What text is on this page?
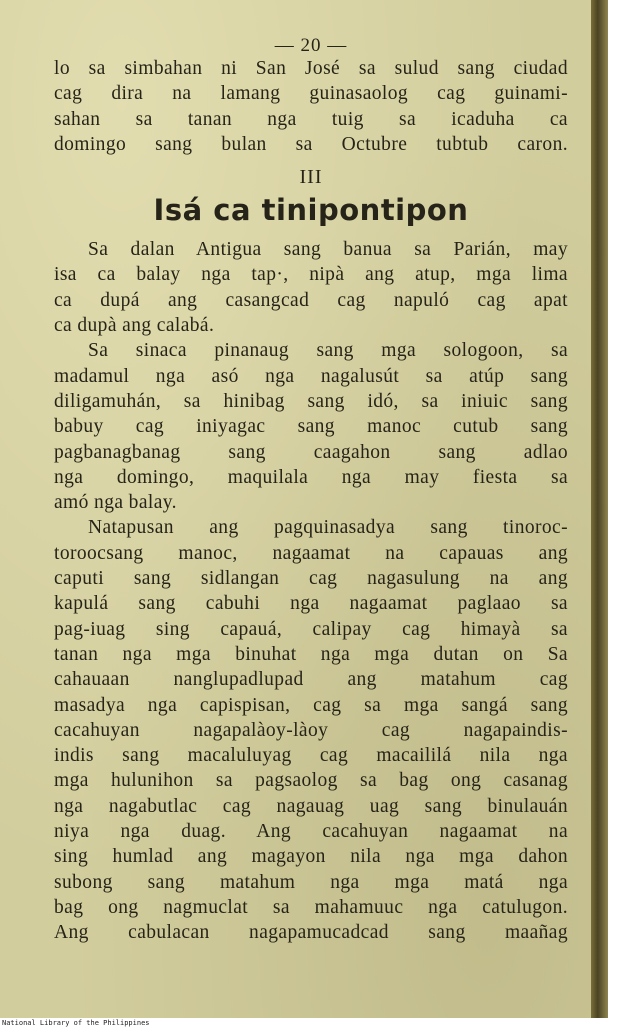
— 20 —
lo sa simbahan ni San José sa sulud sang ciudad
cag dira na lamang guinasaolog cag guinami-
sahan sa tanan nga tuig sa icaduha ca
domingo sang bulan sa Octubre tubtub caron.
III
Isá ca tinipontipon
Sa dalan Antigua sang banua sa Parián, may
isa ca balay nga tap·, nipà ang atup, mga lima
ca dupá ang casangcad cag napuló cag apat
ca dupà ang calabá.
Sa sinaca pinanaug sang mga sologoon, sa
madamul nga asó nga nagalusút sa atúp sang
diligamuhán, sa hinibag sang idó, sa iniuic sang
babuy cag iniyagac sang manoc cutub sang
pagbanagbanag sang caagahon sang adlao
nga domingo, maquilala nga may fiesta sa
amó nga balay.
Natapusan ang pagquinasadya sang tinoroc-
toroocsang manoc, nagaamat na capauas ang
caputi sang sidlangan cag nagasulung na ang
kapulá sang cabuhi nga nagaamat paglaao sa
pag-iuag sing capauá, calipay cag himayà sa
tanan nga mga binuhat nga mga dutan on Sa
cahauaan nanglupadlupad ang matahum cag
masadya nga capispisan, cag sa mga sangá sang
cacahuyan nagapalàoy-làoy cag nagapaindis-
indis sang macaluluyag cag macaililá nila nga
mga hulunihon sa pagsaolog sa bag ong casanag
nga nagabutlac cag nagauag uag sang binulauán
niya nga duag. Ang cacahuyan nagaamat na
sing humlad ang magayon nila nga mga dahon
subong sang matahum nga mga matá nga
bag ong nagmuclat sa mahamuuc nga catulugon.
Ang cabulacan nagapamucadcad sang maañag
National Library of the Philippines
